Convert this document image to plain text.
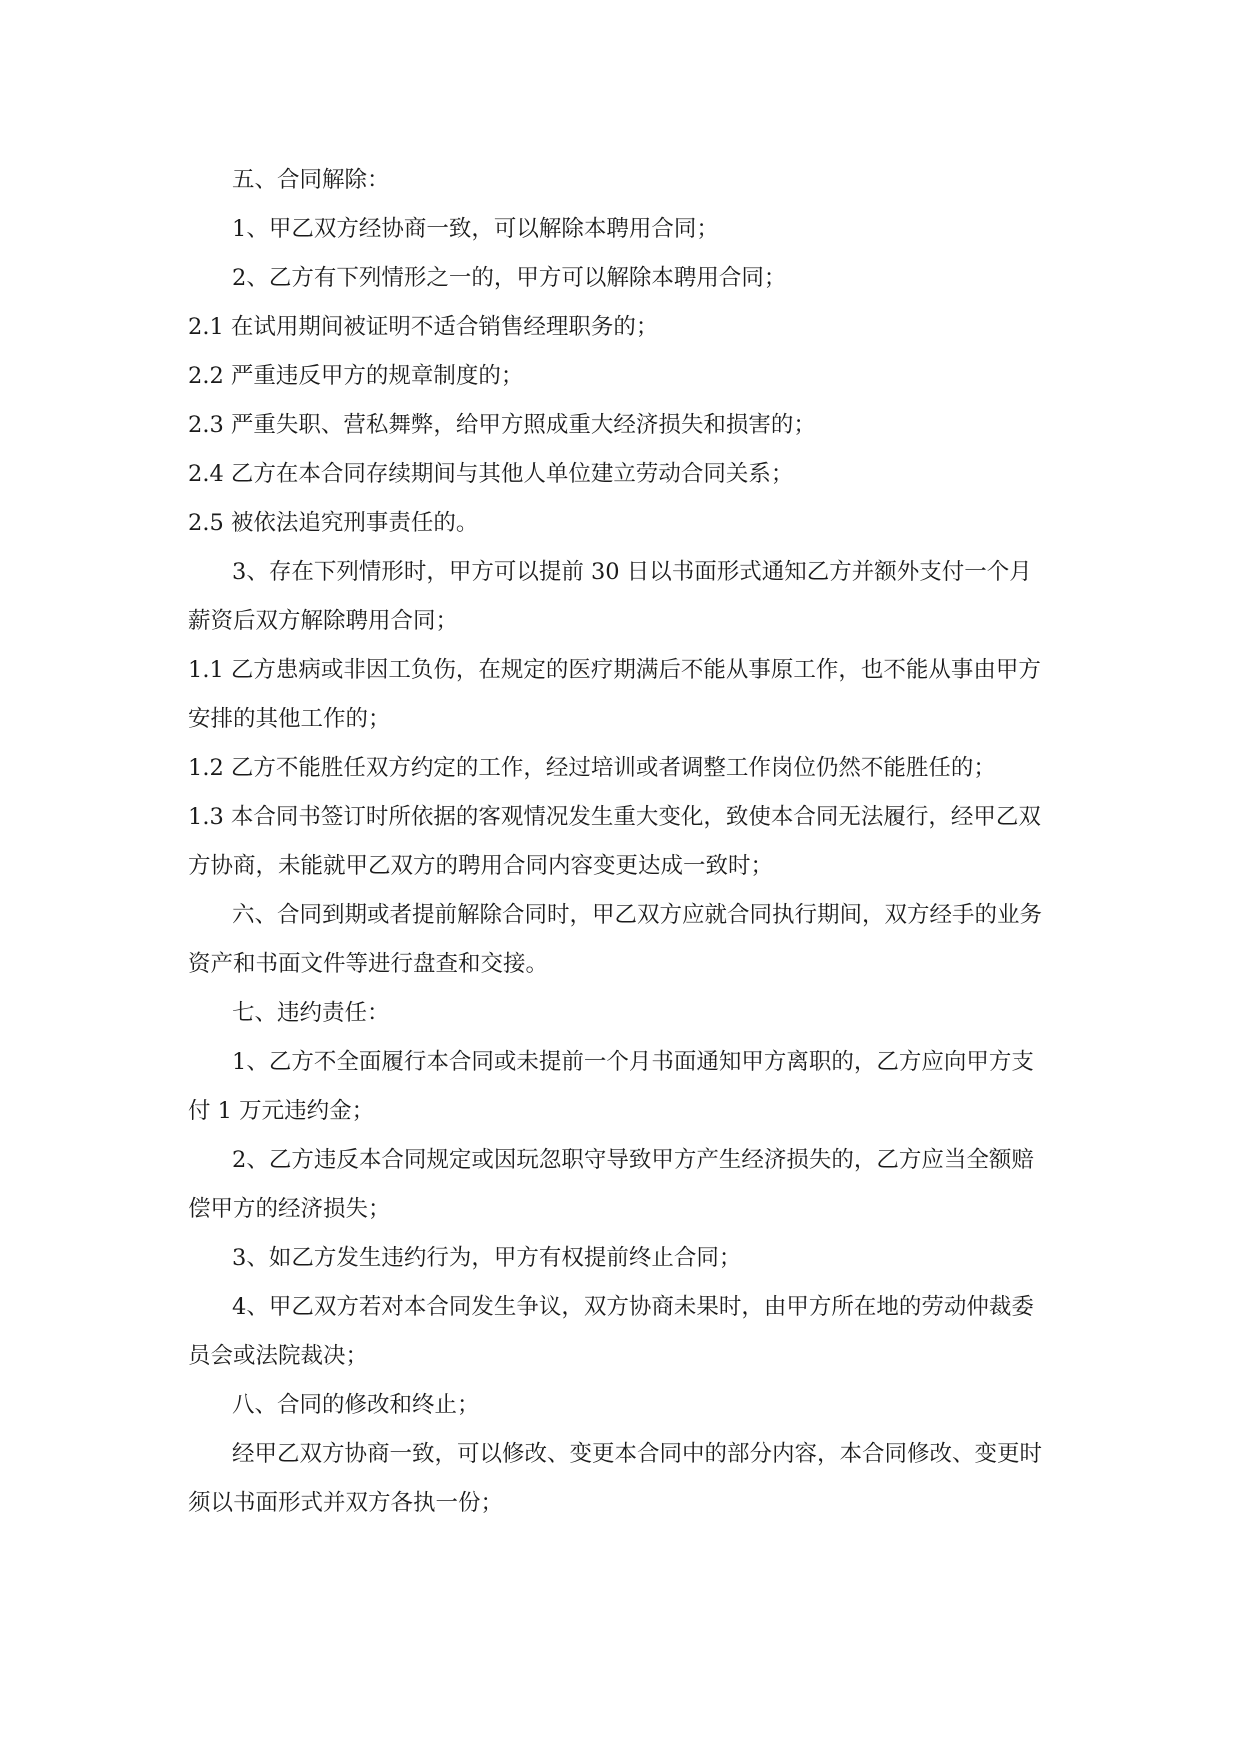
五、合同解除：

1、甲乙双方经协商一致，可以解除本聘用合同；

2、乙方有下列情形之一的，甲方可以解除本聘用合同；

2.1 在试用期间被证明不适合销售经理职务的；

2.2 严重违反甲方的规章制度的；

2.3 严重失职、营私舞弊，给甲方照成重大经济损失和损害的；

2.4 乙方在本合同存续期间与其他人单位建立劳动合同关系；

2.5 被依法追究刑事责任的。

3、存在下列情形时，甲方可以提前 30 日以书面形式通知乙方并额外支付一个月薪资后双方解除聘用合同；

1.1 乙方患病或非因工负伤，在规定的医疗期满后不能从事原工作，也不能从事由甲方安排的其他工作的；

1.2 乙方不能胜任双方约定的工作，经过培训或者调整工作岗位仍然不能胜任的；

1.3 本合同书签订时所依据的客观情况发生重大变化，致使本合同无法履行，经甲乙双方协商，未能就甲乙双方的聘用合同内容变更达成一致时；

六、合同到期或者提前解除合同时，甲乙双方应就合同执行期间，双方经手的业务资产和书面文件等进行盘查和交接。

七、违约责任：

1、乙方不全面履行本合同或未提前一个月书面通知甲方离职的，乙方应向甲方支付 1 万元违约金；

2、乙方违反本合同规定或因玩忽职守导致甲方产生经济损失的，乙方应当全额赔偿甲方的经济损失；

3、如乙方发生违约行为，甲方有权提前终止合同；

4、甲乙双方若对本合同发生争议，双方协商未果时，由甲方所在地的劳动仲裁委员会或法院裁决；

八、合同的修改和终止；

经甲乙双方协商一致，可以修改、变更本合同中的部分内容，本合同修改、变更时须以书面形式并双方各执一份；
